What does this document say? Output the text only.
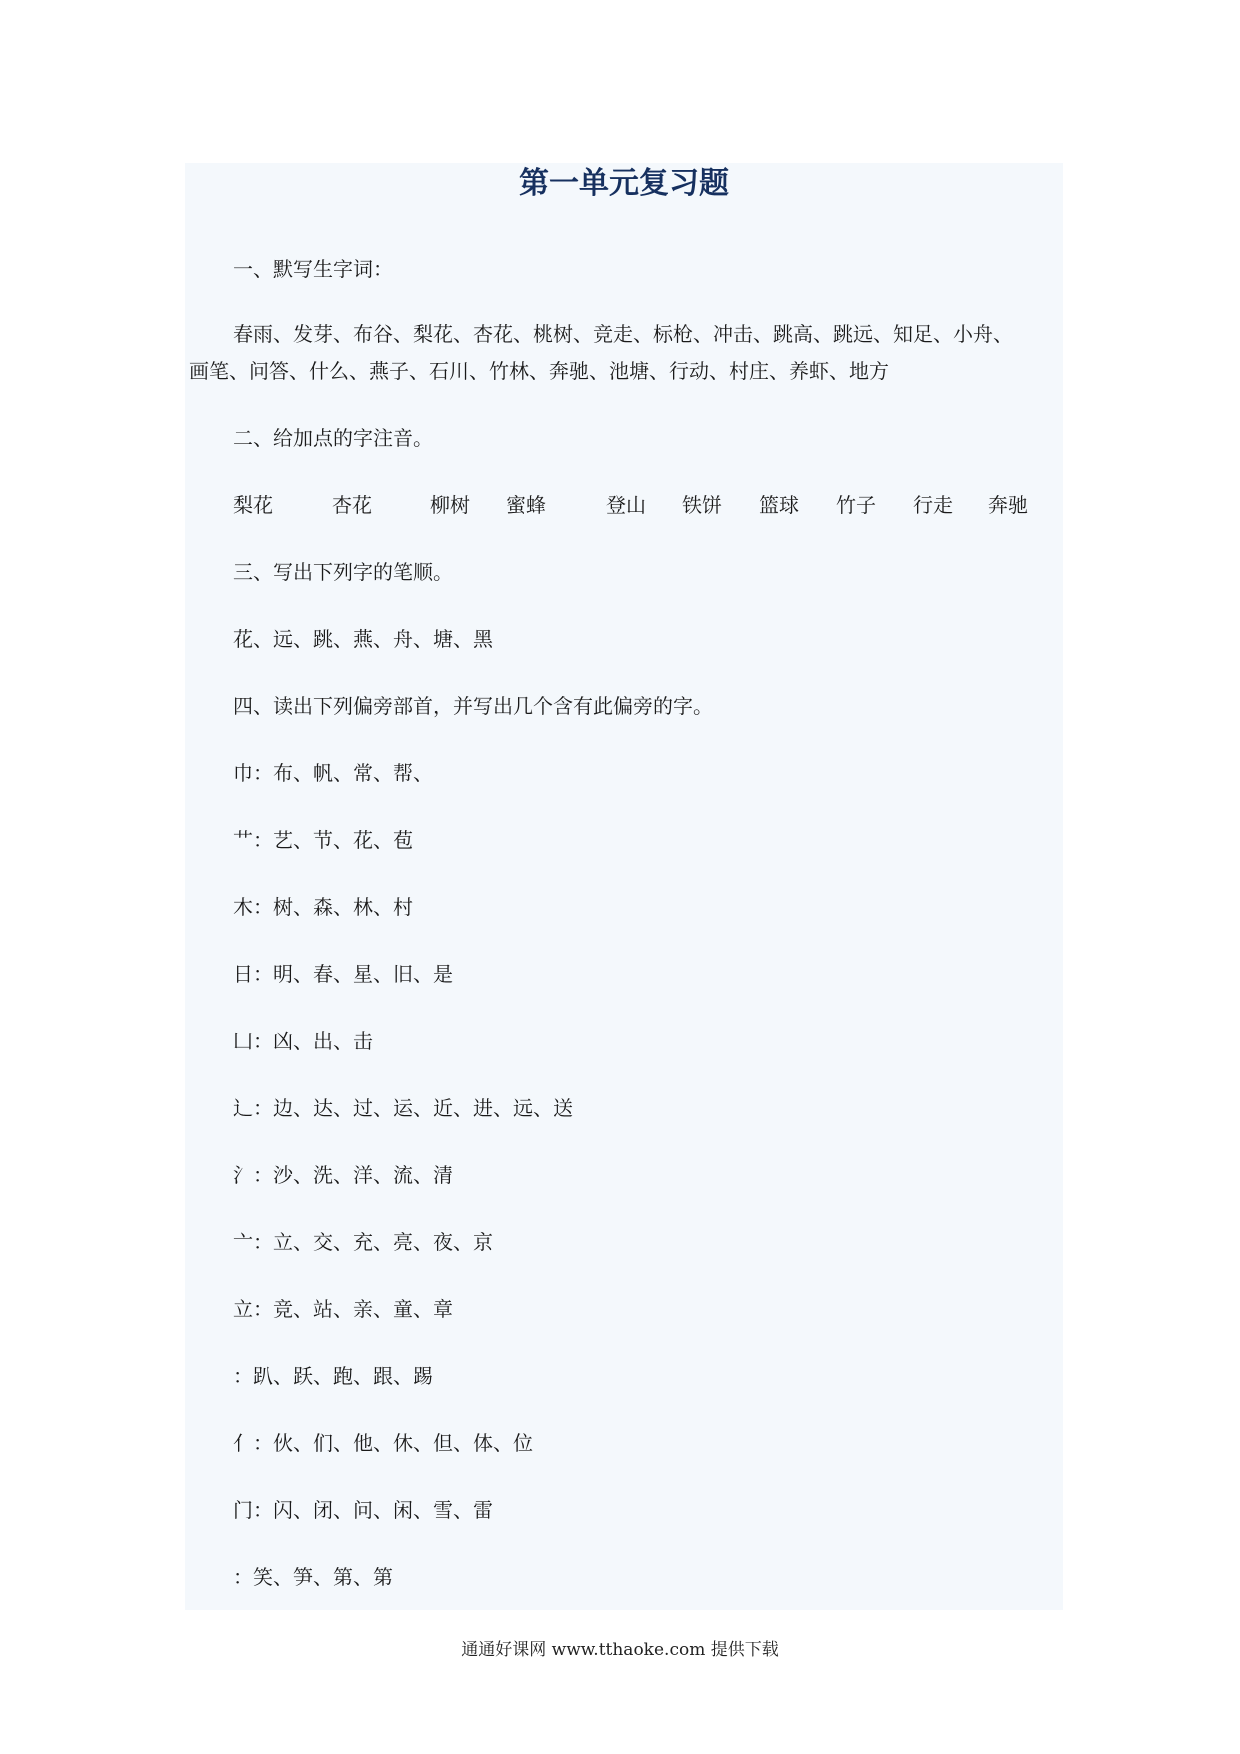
第一单元复习题

一、默写生字词：

春雨、发芽、布谷、梨花、杏花、桃树、竞走、标枪、冲击、跳高、跳远、知足、小舟、

画笔、问答、什么、燕子、石川、竹林、奔驰、池塘、行动、村庄、养虾、地方

二、给加点的字注音。

梨花	杏花	柳树 蜜蜂	登山 铁饼 篮球 竹子 行走 奔驰

三、写出下列字的笔顺。

花、远、跳、燕、舟、塘、黑

四、读出下列偏旁部首，并写出几个含有此偏旁的字。

巾：布、帆、常、帮、

艹：艺、节、花、苞

木：树、森、林、村

日：明、春、星、旧、是

凵：凶、出、击

辶：边、达、过、运、近、进、远、送

氵：沙、洗、洋、流、清

亠：立、交、充、亮、夜、京

立：竞、站、亲、童、章

：趴、跃、跑、跟、踢

亻：伙、们、他、休、但、体、位

门：闪、闭、问、闲、雪、雷

：笑、笋、第、第

通通好课网 www.tthaoke.com 提供下载
